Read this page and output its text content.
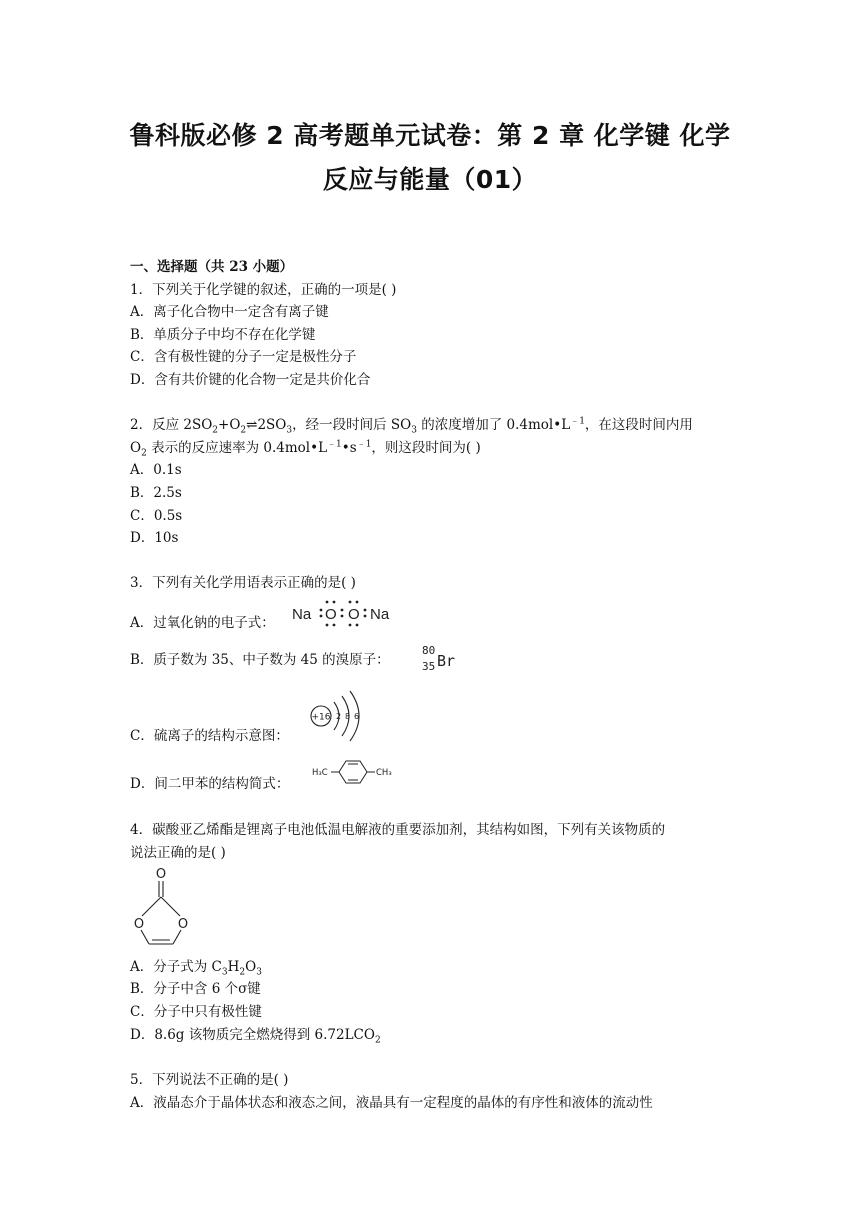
鲁科版必修 2 高考题单元试卷：第 2 章 化学键 化学
反应与能量（01）
一、选择题（共 23 小题）
1．下列关于化学键的叙述，正确的一项是( )
A．离子化合物中一定含有离子键
B．单质分子中均不存在化学键
C．含有极性键的分子一定是极性分子
D．含有共价键的化合物一定是共价化合
2．反应 $2SO_2+O_2\rightleftharpoons 2SO_3$，经一段时间后 $SO_3$ 的浓度增加了 $0.4mol•L^{﹣1}$，在这段时间内用
$O_2$ 表示的反应速率为 $0.4mol•L^{﹣1}•s^{﹣1}$，则这段时间为( )
A．0.1s
B．2.5s
C．0.5s
D．10s
3．下列有关化学用语表示正确的是( )
A．过氧化钠的电子式： Na O O Na
B．质子数为 35、中子数为 45 的溴原子：
80
35 Br
C．硫离子的结构示意图：
+16 2 8 6
D．间二甲苯的结构简式：
H₃C	CH₃
4．碳酸亚乙烯酯是锂离子电池低温电解液的重要添加剂，其结构如图，下列有关该物质的
说法正确的是( )
O
O	O
A．分子式为 $C_3H_2O_3$
B．分子中含 6 个σ键
C．分子中只有极性键
D．8.6g 该物质完全燃烧得到 $6.72LCO_2$
5．下列说法不正确的是( )
A．液晶态介于晶体状态和液态之间，液晶具有一定程度的晶体的有序性和液体的流动性
